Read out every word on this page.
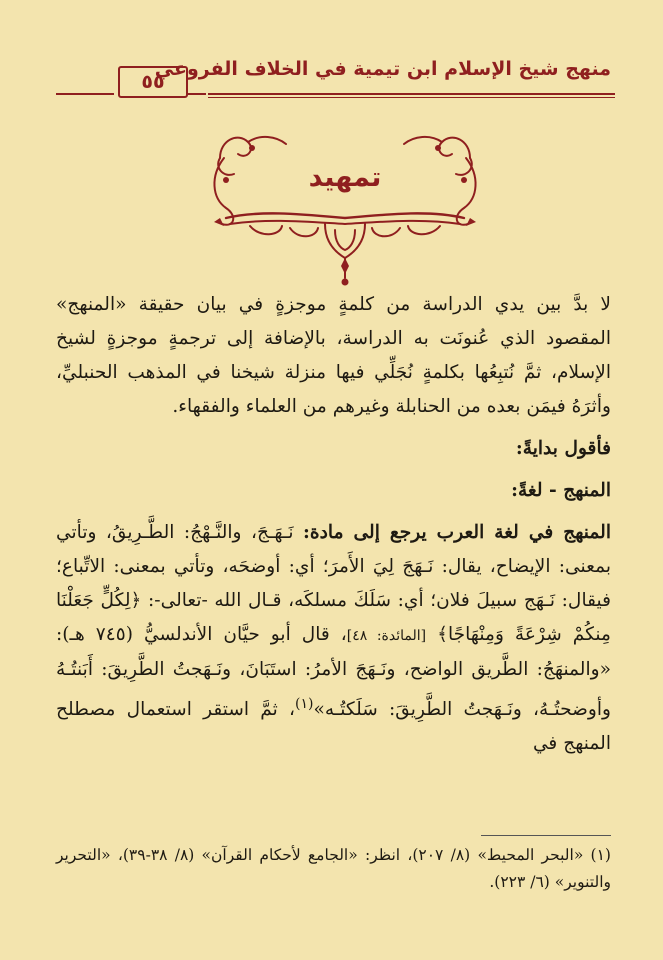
منهج شيخ الإسلام ابن تيمية في الخلاف الفروعي
٥٥
تمهيد

لا بدَّ بين يدي الدراسة من كلمةٍ موجزةٍ في بيان حقيقة «المنهج» المقصود الذي عُنونَت به الدراسة، بالإضافة إلى ترجمةٍ موجزةٍ لشيخ الإسلام، ثمَّ نُتبِعُها بكلمةٍ نُجَلِّي فيها منزلة شيخنا في المذهب الحنبليِّ، وأثرَهُ فيمَن بعده من الحنابلة وغيرهم من العلماء والفقهاء.

فأقول بدايةً:

المنهج - لغةً:

المنهج في لغة العرب يرجع إلى مادة: نَـهَـجَ، والنَّـهْجُ: الطَّـرِيقُ، وتأتي بمعنى: الإيضاح، يقال: نَـهَجَ لِيَ الأَمرَ؛ أي: أوضحَه، وتأتي بمعنى: الاتِّباع؛ فيقال: نَـهَج سبيلَ فلان؛ أي: سَلَكَ مسلكَه، قـال الله -تعالى-: ﴿لِكُلٍّ جَعَلْنَا مِنكُمْ شِرْعَةً وَمِنْهَاجًا﴾ [المائدة: ٤٨]، قال أبو حيَّان الأندلسيُّ (٧٤٥ هـ): «والمنهَجُ: الطَّريق الواضح، ونَـهَجَ الأمرُ: استَبَانَ، ونَـهَجتُ الطَّرِيقَ: أَبَنتُـهُ وأوضحتُـهُ، ونَـهَجتُ الطَّرِيقَ: سَلَكتُـه»$^{(١)}$، ثمَّ استقر استعمال مصطلح المنهج في

(١) «البحر المحيط» (٨/ ٢٠٧)، انظر: «الجامع لأحكام القرآن» (٨/ ٣٨-٣٩)، «التحرير والتنوير» (٦/ ٢٢٣).
